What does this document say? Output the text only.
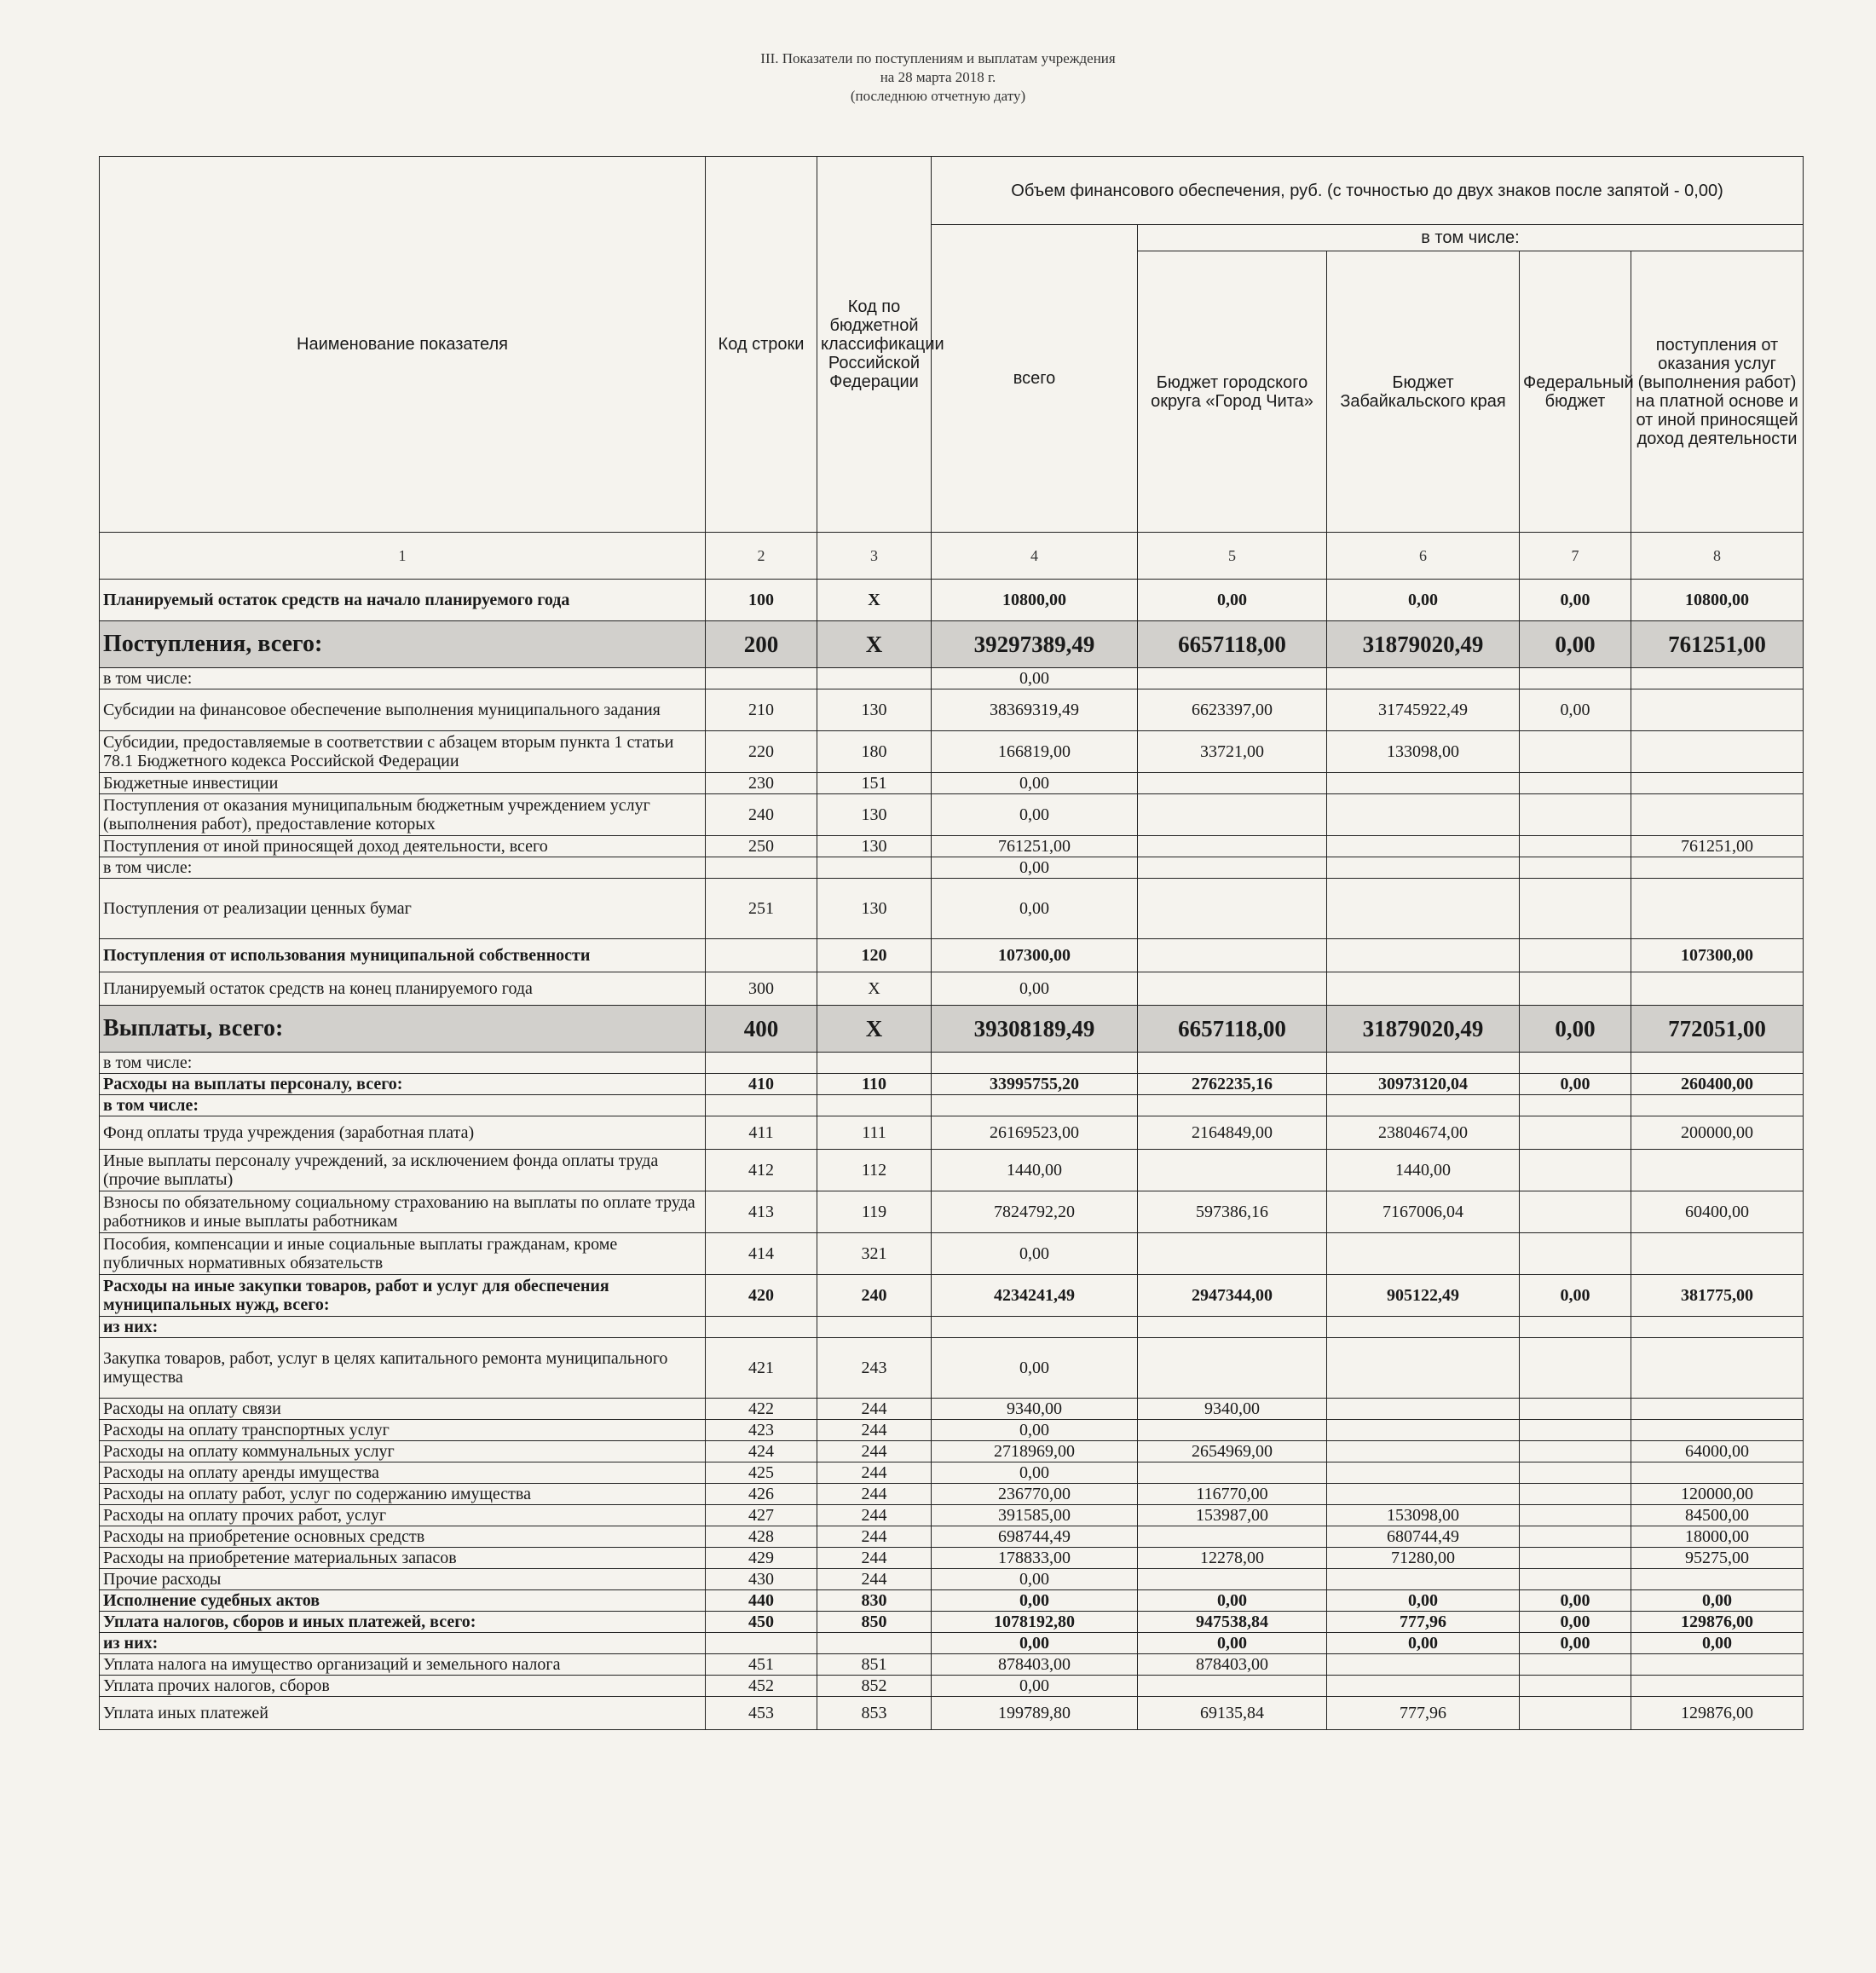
III. Показатели по поступлениям и выплатам учреждения
на 28 марта 2018 г.
(последнюю отчетную дату)
Наименование показателя	Код строки	Код по бюджетной классификации Российской Федерации	Объем финансового обеспечения, руб. (с точностью до двух знаков после запятой - 0,00)				
			всего	в том числе:			
				Бюджет городского округа «Город Чита»	Бюджет Забайкальского края	Федеральный бюджет	поступления от оказания услуг (выполнения работ) на платной основе и от иной приносящей доход деятельности
1	2	3	4	5	6	7	8
Планируемый остаток средств на начало планируемого года	100	Х	10800,00	0,00	0,00	0,00	10800,00
Поступления, всего:	200	Х	39297389,49	6657118,00	31879020,49	0,00	761251,00
в том числе:			0,00				
Субсидии на финансовое обеспечение выполнения муниципального задания	210	130	38369319,49	6623397,00	31745922,49	0,00	
Субсидии, предоставляемые в соответствии с абзацем вторым пункта 1 статьи 78.1 Бюджетного кодекса Российской Федерации	220	180	166819,00	33721,00	133098,00		
Бюджетные инвестиции	230	151	0,00				
Поступления от оказания муниципальным бюджетным учреждением услуг (выполнения работ), предоставление которых	240	130	0,00				
Поступления от иной приносящей доход деятельности, всего	250	130	761251,00				761251,00
в том числе:			0,00				
Поступления от реализации ценных бумаг	251	130	0,00				
Поступления от использования муниципальной собственности		120	107300,00				107300,00
Планируемый остаток средств на конец планируемого года	300	Х	0,00				
Выплаты, всего:	400	Х	39308189,49	6657118,00	31879020,49	0,00	772051,00
в том числе:							
Расходы на выплаты персоналу, всего:	410	110	33995755,20	2762235,16	30973120,04	0,00	260400,00
в том числе:							
Фонд оплаты труда учреждения (заработная плата)	411	111	26169523,00	2164849,00	23804674,00		200000,00
Иные выплаты персоналу учреждений, за исключением фонда оплаты труда (прочие выплаты)	412	112	1440,00		1440,00		
Взносы по обязательному социальному страхованию на выплаты по оплате труда работников и иные выплаты работникам	413	119	7824792,20	597386,16	7167006,04		60400,00
Пособия, компенсации и иные социальные выплаты гражданам, кроме публичных нормативных обязательств	414	321	0,00				
Расходы на иные закупки товаров, работ и услуг для обеспечения муниципальных нужд, всего:	420	240	4234241,49	2947344,00	905122,49	0,00	381775,00
из них:							
Закупка товаров, работ, услуг в целях капитального ремонта муниципального имущества	421	243	0,00				
Расходы на оплату связи	422	244	9340,00	9340,00			
Расходы на оплату транспортных услуг	423	244	0,00				
Расходы на оплату коммунальных услуг	424	244	2718969,00	2654969,00			64000,00
Расходы на оплату аренды имущества	425	244	0,00				
Расходы на оплату работ, услуг по содержанию имущества	426	244	236770,00	116770,00			120000,00
Расходы на оплату прочих работ, услуг	427	244	391585,00	153987,00	153098,00		84500,00
Расходы на приобретение основных средств	428	244	698744,49		680744,49		18000,00
Расходы на приобретение материальных запасов	429	244	178833,00	12278,00	71280,00		95275,00
Прочие расходы	430	244	0,00				
Исполнение судебных актов	440	830	0,00	0,00	0,00	0,00	0,00
Уплата налогов, сборов и иных платежей, всего:	450	850	1078192,80	947538,84	777,96	0,00	129876,00
из них:			0,00	0,00	0,00	0,00	0,00
Уплата налога на имущество организаций и земельного налога	451	851	878403,00	878403,00			
Уплата прочих налогов, сборов	452	852	0,00				
Уплата иных платежей	453	853	199789,80	69135,84	777,96		129876,00
